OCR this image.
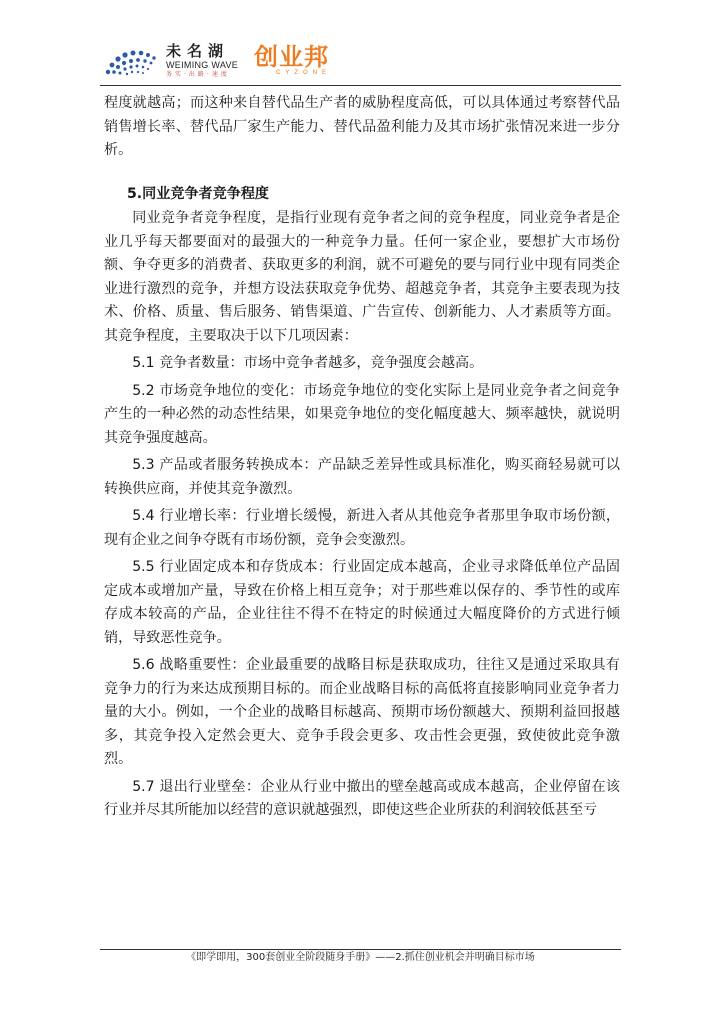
未名湖
WEIMING WAVE
务实·出路·速度
创业邦
CYZONE

程度就越高；而这种来自替代品生产者的威胁程度高低，可以具体通过考察替代品销售增长率、替代品厂家生产能力、替代品盈利能力及其市场扩张情况来进一步分析。

5.同业竞争者竞争程度

同业竞争者竞争程度，是指行业现有竞争者之间的竞争程度，同业竞争者是企业几乎每天都要面对的最强大的一种竞争力量。任何一家企业，要想扩大市场份额、争夺更多的消费者、获取更多的利润，就不可避免的要与同行业中现有同类企业进行激烈的竞争，并想方设法获取竞争优势、超越竞争者，其竞争主要表现为技术、价格、质量、售后服务、销售渠道、广告宣传、创新能力、人才素质等方面。其竞争程度，主要取决于以下几项因素：

5.1 竞争者数量：市场中竞争者越多，竞争强度会越高。

5.2 市场竞争地位的变化：市场竞争地位的变化实际上是同业竞争者之间竞争产生的一种必然的动态性结果，如果竞争地位的变化幅度越大、频率越快，就说明其竞争强度越高。

5.3 产品或者服务转换成本：产品缺乏差异性或具标准化，购买商轻易就可以转换供应商，并使其竞争激烈。

5.4 行业增长率：行业增长缓慢，新进入者从其他竞争者那里争取市场份额，现有企业之间争夺既有市场份额，竞争会变激烈。

5.5 行业固定成本和存货成本：行业固定成本越高，企业寻求降低单位产品固定成本或增加产量，导致在价格上相互竞争；对于那些难以保存的、季节性的或库存成本较高的产品，企业往往不得不在特定的时候通过大幅度降价的方式进行倾销，导致恶性竞争。

5.6 战略重要性：企业最重要的战略目标是获取成功，往往又是通过采取具有竞争力的行为来达成预期目标的。而企业战略目标的高低将直接影响同业竞争者力量的大小。例如，一个企业的战略目标越高、预期市场份额越大、预期利益回报越多，其竞争投入定然会更大、竞争手段会更多、攻击性会更强，致使彼此竞争激烈。

5.7 退出行业壁垒：企业从行业中撤出的壁垒越高或成本越高，企业停留在该行业并尽其所能加以经营的意识就越强烈，即使这些企业所获的利润较低甚至亏

《即学即用，300套创业全阶段随身手册》——2.抓住创业机会并明确目标市场
